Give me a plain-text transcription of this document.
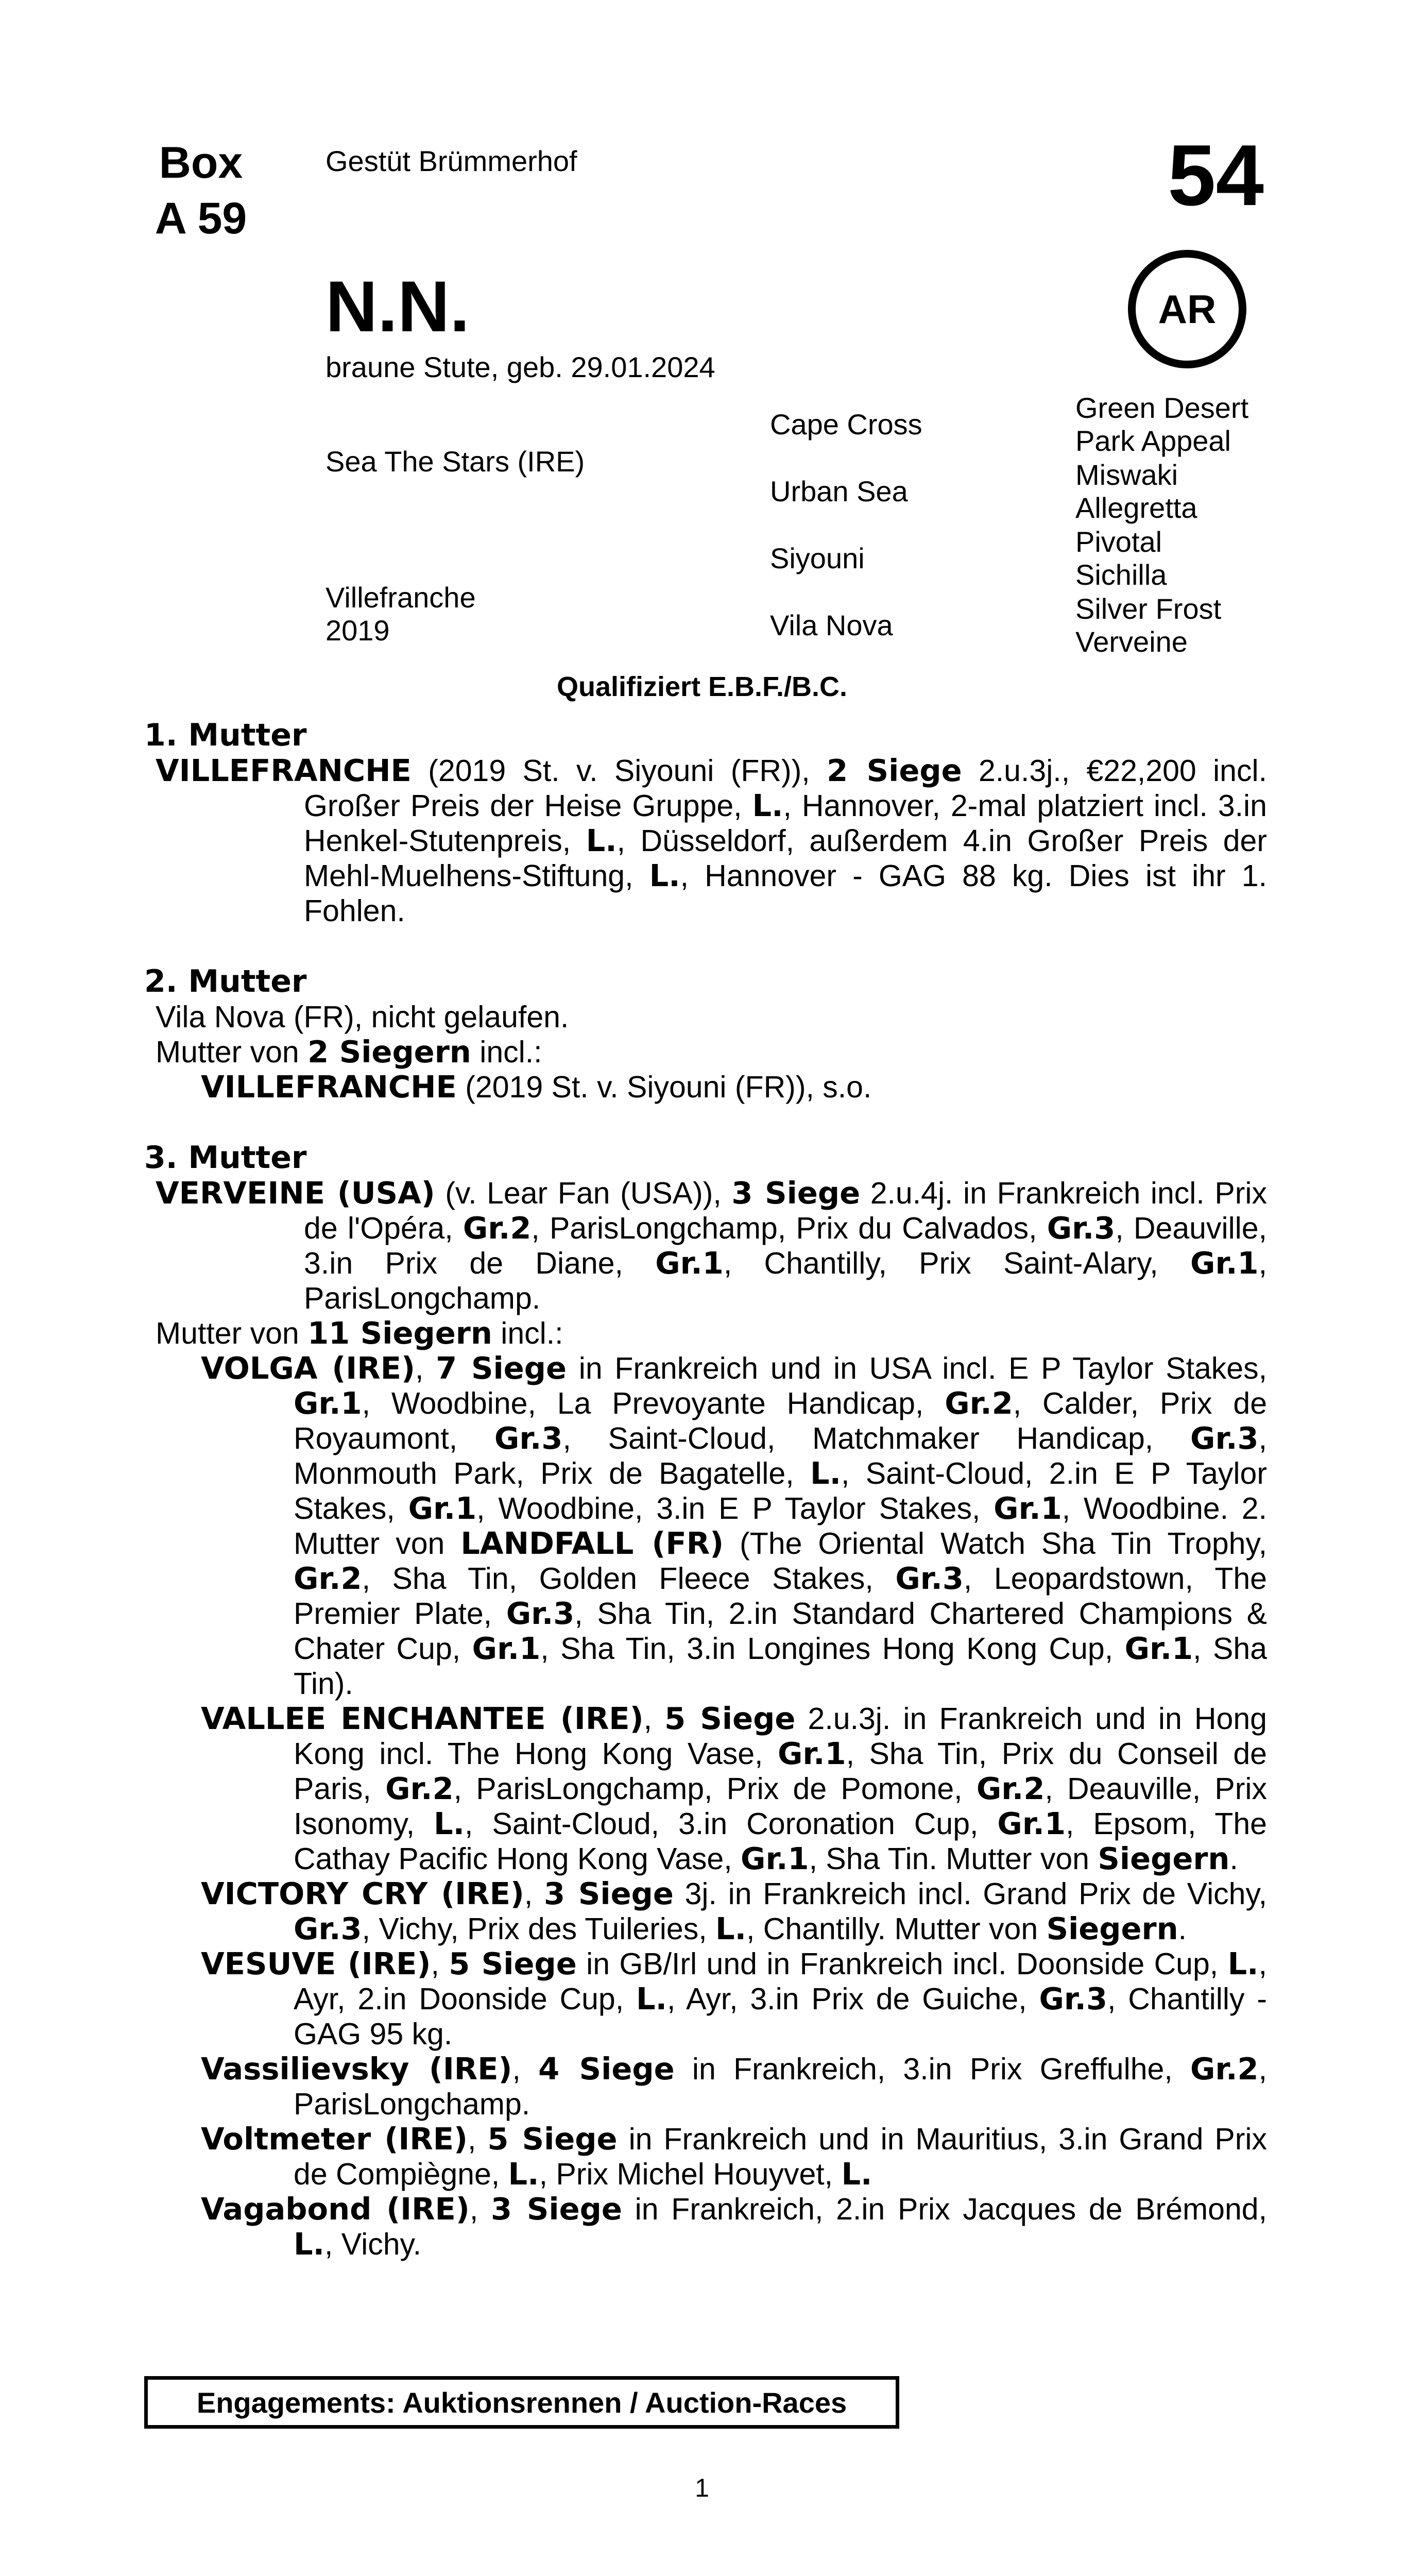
Box
A 59	54
Gestüt Brümmerhof
N.N.
braune Stute, geb. 29.01.2024
AR
Sea The Stars (IRE)
Villefranche
2019
Cape Cross
Urban Sea
Siyouni
Vila Nova
Green Desert
Park Appeal
Miswaki
Allegretta
Pivotal
Sichilla
Silver Frost
Verveine
Qualifiziert E.B.F./B.C.

1. Mutter

VILLEFRANCHE (2019 St. v. Siyouni (FR)), 2 Siege 2.u.3j., €22,200 incl. Großer Preis der Heise Gruppe, L., Hannover, 2-mal platziert incl. 3.in Henkel-Stutenpreis, L., Düsseldorf, außerdem 4.in Großer Preis der Mehl-Muelhens-Stiftung, L., Hannover - GAG 88 kg. Dies ist ihr 1. Fohlen.

2. Mutter

Vila Nova (FR), nicht gelaufen.

Mutter von 2 Siegern incl.:

VILLEFRANCHE (2019 St. v. Siyouni (FR)), s.o.

3. Mutter

VERVEINE (USA) (v. Lear Fan (USA)), 3 Siege 2.u.4j. in Frankreich incl. Prix de l'Opéra, Gr.2, ParisLongchamp, Prix du Calvados, Gr.3, Deauville, 3.in Prix de Diane, Gr.1, Chantilly, Prix Saint-Alary, Gr.1, ParisLongchamp.

Mutter von 11 Siegern incl.:

VOLGA (IRE), 7 Siege in Frankreich und in USA incl. E P Taylor Stakes, Gr.1, Woodbine, La Prevoyante Handicap, Gr.2, Calder, Prix de Royaumont, Gr.3, Saint-Cloud, Matchmaker Handicap, Gr.3, Monmouth Park, Prix de Bagatelle, L., Saint-Cloud, 2.in E P Taylor Stakes, Gr.1, Woodbine, 3.in E P Taylor Stakes, Gr.1, Woodbine. 2. Mutter von LANDFALL (FR) (The Oriental Watch Sha Tin Trophy, Gr.2, Sha Tin, Golden Fleece Stakes, Gr.3, Leopardstown, The Premier Plate, Gr.3, Sha Tin, 2.in Standard Chartered Champions & Chater Cup, Gr.1, Sha Tin, 3.in Longines Hong Kong Cup, Gr.1, Sha Tin).

VALLEE ENCHANTEE (IRE), 5 Siege 2.u.3j. in Frankreich und in Hong Kong incl. The Hong Kong Vase, Gr.1, Sha Tin, Prix du Conseil de Paris, Gr.2, ParisLongchamp, Prix de Pomone, Gr.2, Deauville, Prix Isonomy, L., Saint-Cloud, 3.in Coronation Cup, Gr.1, Epsom, The Cathay Pacific Hong Kong Vase, Gr.1, Sha Tin. Mutter von Siegern.

VICTORY CRY (IRE), 3 Siege 3j. in Frankreich incl. Grand Prix de Vichy, Gr.3, Vichy, Prix des Tuileries, L., Chantilly. Mutter von Siegern.

VESUVE (IRE), 5 Siege in GB/Irl und in Frankreich incl. Doonside Cup, L., Ayr, 2.in Doonside Cup, L., Ayr, 3.in Prix de Guiche, Gr.3, Chantilly - GAG 95 kg.

Vassilievsky (IRE), 4 Siege in Frankreich, 3.in Prix Greffulhe, Gr.2, ParisLongchamp.

Voltmeter (IRE), 5 Siege in Frankreich und in Mauritius, 3.in Grand Prix de Compiègne, L., Prix Michel Houyvet, L.

Vagabond (IRE), 3 Siege in Frankreich, 2.in Prix Jacques de Brémond, L., Vichy.

Engagements: Auktionsrennen / Auction-Races
1
